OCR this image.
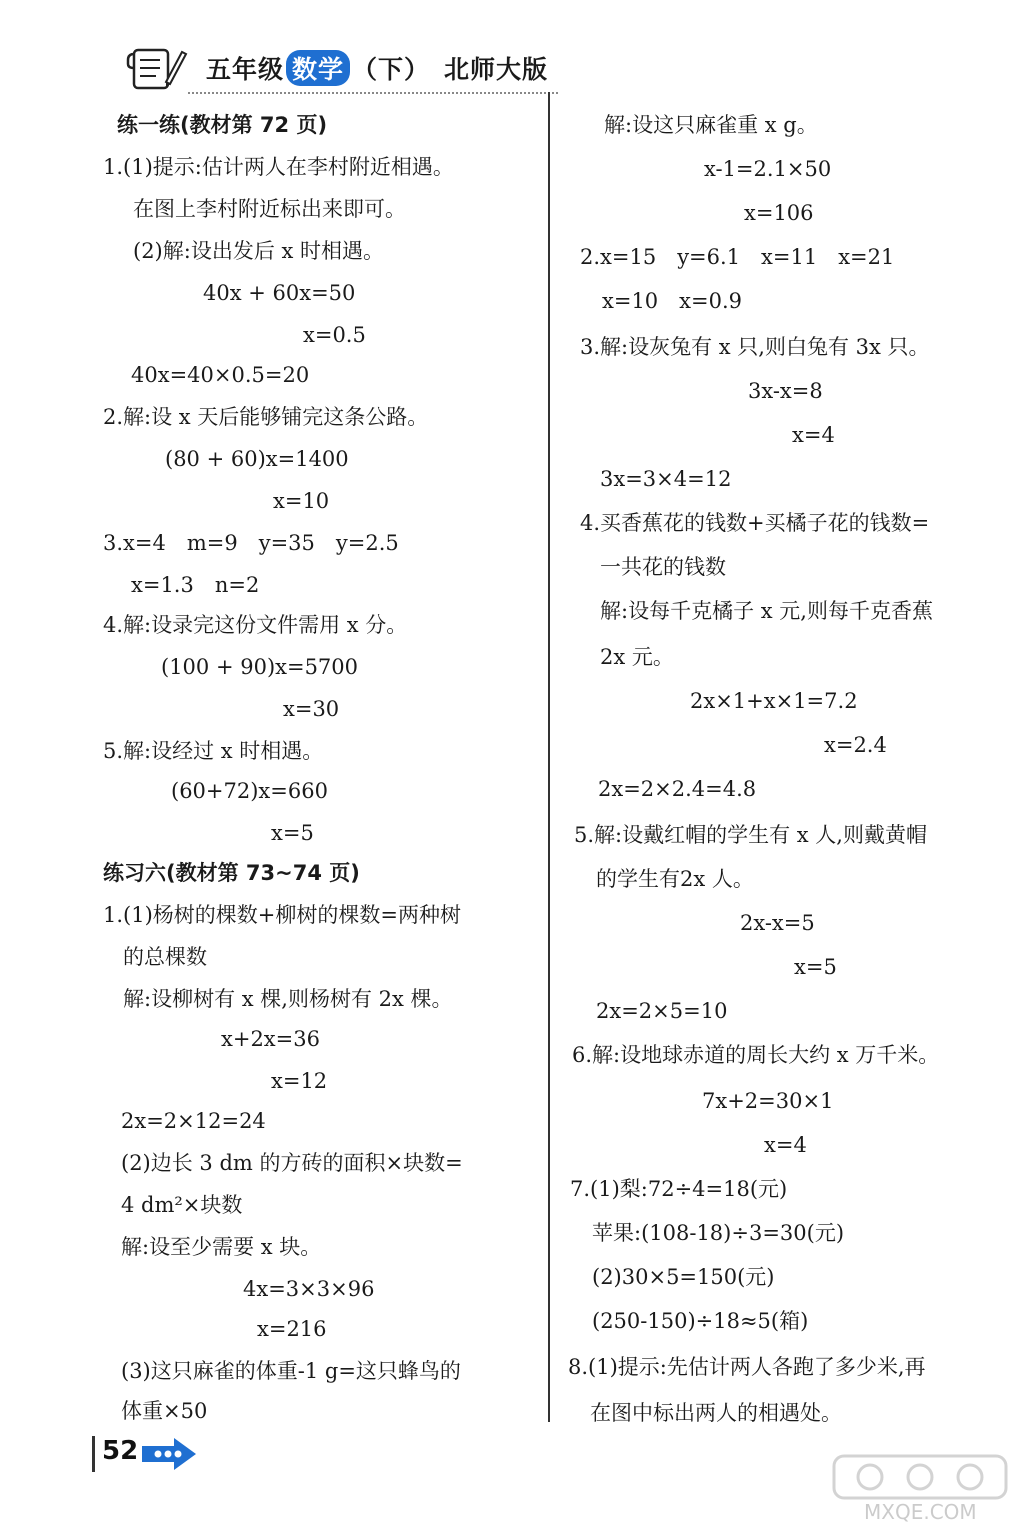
五年级 数学 （下） 北师大版
练一练(教材第 72 页)
1.(1)提示:估计两人在李村附近相遇。
在图上李村附近标出来即可。
(2)解:设出发后 x 时相遇。
40x + 60x=50
x=0.5
40x=40×0.5=20
2.解:设 x 天后能够铺完这条公路。
(80 + 60)x=1400
x=10
3.x=4　m=9　y=35　y=2.5
x=1.3　n=2
4.解:设录完这份文件需用 x 分。
(100 + 90)x=5700
x=30
5.解:设经过 x 时相遇。
(60+72)x=660
x=5
练习六(教材第 73~74 页)
1.(1)杨树的棵数+柳树的棵数=两种树
的总棵数
解:设柳树有 x 棵,则杨树有 2x 棵。
x+2x=36
x=12
2x=2×12=24
(2)边长 3 dm 的方砖的面积×块数=
4 dm²×块数
解:设至少需要 x 块。
4x=3×3×96
x=216
(3)这只麻雀的体重-1 g=这只蜂鸟的
体重×50
解:设这只麻雀重 x g。
x-1=2.1×50
x=106
2.x=15　y=6.1　x=11　x=21
x=10　x=0.9
3.解:设灰兔有 x 只,则白兔有 3x 只。
3x-x=8
x=4
3x=3×4=12
4.买香蕉花的钱数+买橘子花的钱数=
一共花的钱数
解:设每千克橘子 x 元,则每千克香蕉
2x 元。
2x×1+x×1=7.2
x=2.4
2x=2×2.4=4.8
5.解:设戴红帽的学生有 x 人,则戴黄帽
的学生有2x 人。
2x-x=5
x=5
2x=2×5=10
6.解:设地球赤道的周长大约 x 万千米。
7x+2=30×1
x=4
7.(1)梨:72÷4=18(元)
苹果:(108-18)÷3=30(元)
(2)30×5=150(元)
(250-150)÷18≈5(箱)
8.(1)提示:先估计两人各跑了多少米,再
在图中标出两人的相遇处。
52
MXQE.COM
